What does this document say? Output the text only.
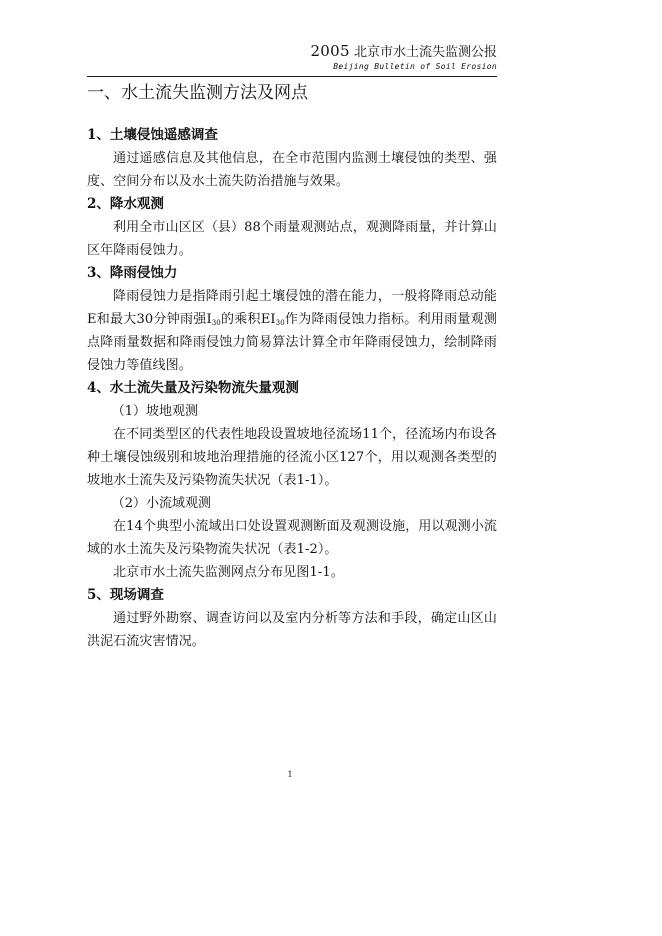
2005 北京市水土流失监测公报
Beijing Bulletin of Soil Erosion
一、水土流失监测方法及网点
1、土壤侵蚀遥感调查
通过遥感信息及其他信息，在全市范围内监测土壤侵蚀的类型、强度、空间分布以及水土流失防治措施与效果。
2、降水观测
利用全市山区区（县）88个雨量观测站点，观测降雨量，并计算山区年降雨侵蚀力。
3、降雨侵蚀力
降雨侵蚀力是指降雨引起土壤侵蚀的潜在能力，一般将降雨总动能E和最大30分钟雨强$I_{30}$的乘积$EI_{30}$作为降雨侵蚀力指标。利用雨量观测点降雨量数据和降雨侵蚀力简易算法计算全市年降雨侵蚀力，绘制降雨侵蚀力等值线图。
4、水土流失量及污染物流失量观测
（1）坡地观测
在不同类型区的代表性地段设置坡地径流场11个，径流场内布设各种土壤侵蚀级别和坡地治理措施的径流小区127个，用以观测各类型的坡地水土流失及污染物流失状况（表1-1）。
（2）小流域观测
在14个典型小流域出口处设置观测断面及观测设施，用以观测小流域的水土流失及污染物流失状况（表1-2）。
北京市水土流失监测网点分布见图1-1。
5、现场调查
通过野外勘察、调查访问以及室内分析等方法和手段，确定山区山洪泥石流灾害情况。
1
